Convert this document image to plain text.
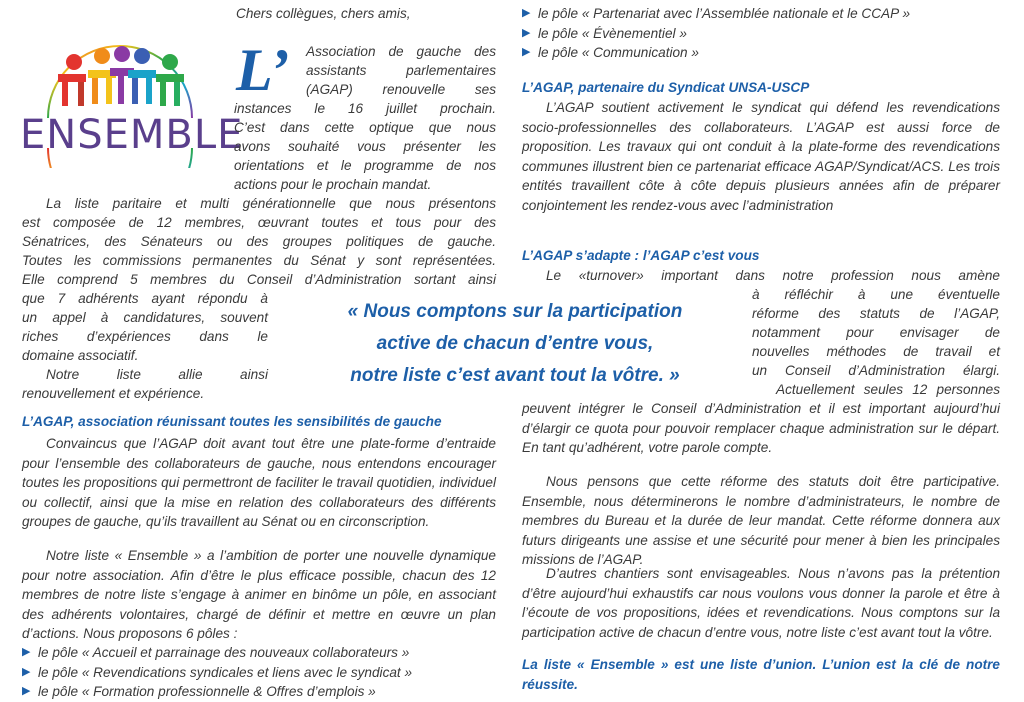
ENSEMBLE
Chers collègues, chers amis,
L’ Association de gauche des
assistants parlementaires
(AGAP) renouvelle ses
instances le 16 juillet prochain.
C’est dans cette optique que nous
avons souhaité vous présenter les
orientations et le programme de nos
actions pour le prochain mandat.
La liste paritaire et multi générationnelle que nous présentons
est composée de 12 membres, œuvrant toutes et tous pour des
Sénatrices, des Sénateurs ou des groupes politiques de gauche.
Toutes les commissions permanentes du Sénat y sont représentées.
Elle comprend 5 membres du Conseil d’Administration sortant ainsi
que 7 adhérents ayant répondu à
un appel à candidatures, souvent
riches d’expériences dans le
domaine associatif.
Notre liste allie ainsi
renouvellement et expérience.
« Nous comptons sur la participation
active de chacun d’entre vous,
notre liste c’est avant tout la vôtre. »
L’AGAP, association réunissant toutes les sensibilités de gauche
Convaincus que l’AGAP doit avant tout être une plate-forme d’entraide pour l’ensemble des collaborateurs de gauche, nous entendons encourager toutes les propositions qui permettront de faciliter le travail quotidien, individuel ou collectif, ainsi que la mise en relation des collaborateurs des différents groupes de gauche, qu’ils travaillent au Sénat ou en circonscription.
Notre liste « Ensemble » a l’ambition de porter une nouvelle dynamique pour notre association. Afin d’être le plus efficace possible, chacun des 12 membres de notre liste s’engage à animer en binôme un pôle, en associant des adhérents volontaires, chargé de définir et mettre en œuvre un plan d’actions. Nous proposons 6 pôles :
▶ le pôle « Accueil et parrainage des nouveaux collaborateurs »
▶ le pôle « Revendications syndicales et liens avec le syndicat »
▶ le pôle « Formation professionnelle & Offres d’emplois »
▶ le pôle « Partenariat avec l’Assemblée nationale et le CCAP »
▶ le pôle « Évènementiel »
▶ le pôle « Communication »
L’AGAP, partenaire du Syndicat UNSA-USCP
L’AGAP soutient activement le syndicat qui défend les revendications socio-professionnelles des collaborateurs. L’AGAP est aussi force de proposition. Les travaux qui ont conduit à la plate-forme des revendications communes illustrent bien ce partenariat efficace AGAP/Syndicat/ACS. Les trois entités travaillent côte à côte depuis plusieurs années afin de préparer conjointement les rendez-vous avec l’administration
L’AGAP s’adapte : l’AGAP c’est vous
Le «turnover» important dans notre profession nous amène
à réfléchir à une éventuelle
réforme des statuts de l’AGAP,
notamment pour envisager de
nouvelles méthodes de travail et
un Conseil d’Administration élargi.
Actuellement seules 12 personnes
peuvent intégrer le Conseil d’Administration et il est important aujourd’hui d’élargir ce quota pour pouvoir remplacer chaque administration sur le départ. En tant qu’adhérent, votre parole compte.
Nous pensons que cette réforme des statuts doit être participative. Ensemble, nous déterminerons le nombre d’administrateurs, le nombre de membres du Bureau et la durée de leur mandat. Cette réforme donnera aux futurs dirigeants une assise et une sécurité pour mener à bien les principales missions de l’AGAP.
D’autres chantiers sont envisageables. Nous n’avons pas la prétention d’être aujourd’hui exhaustifs car nous voulons vous donner la parole et être à l’écoute de vos propositions, idées et revendications. Nous comptons sur la participation active de chacun d’entre vous, notre liste c’est avant tout la vôtre.
La liste « Ensemble » est une liste d’union. L’union est la clé de notre réussite.
